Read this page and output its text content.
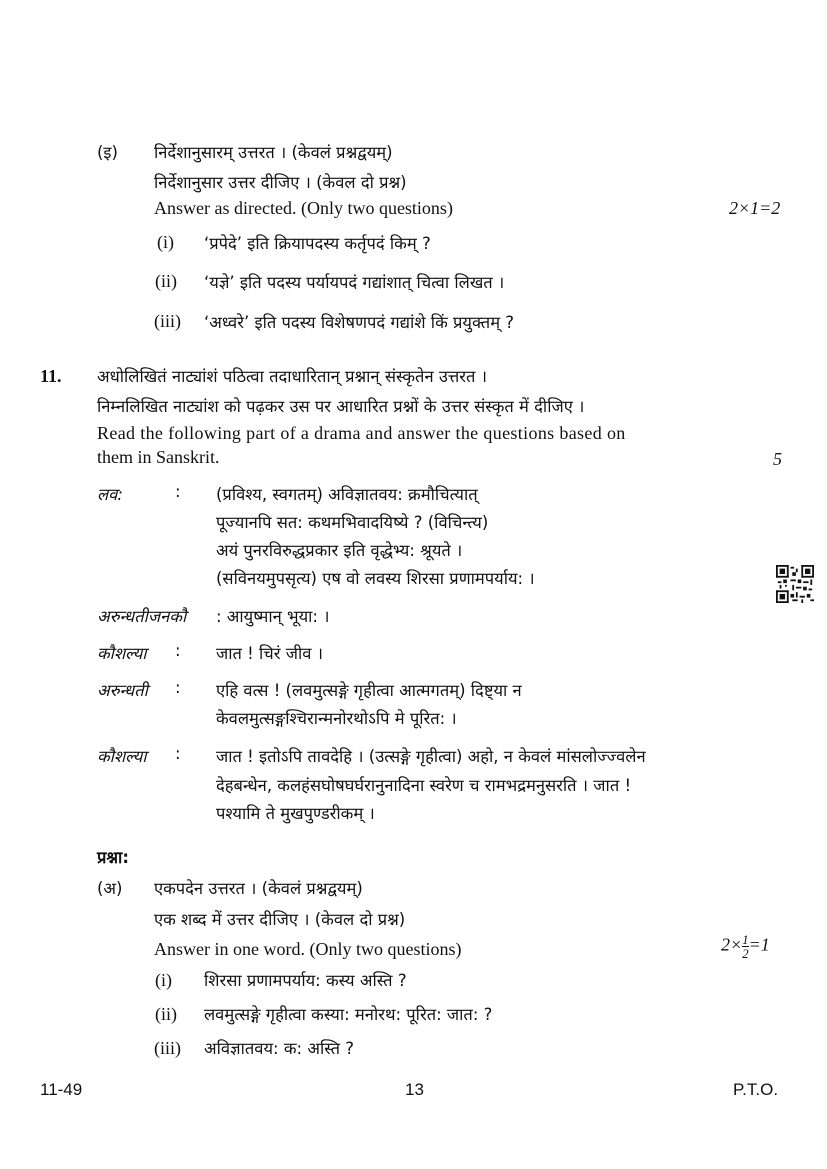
(इ) निर्देशानुसारम् उत्तरत । (केवलं प्रश्नद्वयम्)
निर्देशानुसार उत्तर दीजिए । (केवल दो प्रश्न)
Answer as directed. (Only two questions)	2×1=2
(i) ‘प्रपेदे’ इति क्रियापदस्य कर्तृपदं किम् ?
(ii) ‘यज्ञे’ इति पदस्य पर्यायपदं गद्यांशात् चित्वा लिखत ।
(iii) ‘अध्वरे’ इति पदस्य विशेषणपदं गद्यांशे किं प्रयुक्तम् ?
11. अधोलिखितं नाट्यांशं पठित्वा तदाधारितान् प्रश्नान् संस्कृतेन उत्तरत ।
निम्नलिखित नाट्यांश को पढ़कर उस पर आधारित प्रश्नों के उत्तर संस्कृत में दीजिए ।
Read the following part of a drama and answer the questions based on
them in Sanskrit.	5
लव:	: (प्रविश्य, स्वगतम्) अविज्ञातवय: क्रमौचित्यात्
पूज्यानपि सत: कथमभिवादयिष्ये ? (विचिन्त्य)
अयं पुनरविरुद्धप्रकार इति वृद्धेभ्य: श्रूयते ।
(सविनयमुपसृत्य) एष वो लवस्य शिरसा प्रणामपर्याय: ।
अरुन्धतीजनकौ : आयुष्मान् भूया: ।
कौशल्या : जात ! चिरं जीव ।
अरुन्धती : एहि वत्स ! (लवमुत्सङ्गे गृहीत्वा आत्मगतम्) दिष्ट्या न
केवलमुत्सङ्गश्चिरान्मनोरथोऽपि मे पूरित: ।
कौशल्या : जात ! इतोऽपि तावदेहि । (उत्सङ्गे गृहीत्वा) अहो, न केवलं मांसलोज्ज्वलेन
देहबन्धेन, कलहंसघोषघर्घरानुनादिना स्वरेण च रामभद्रमनुसरति । जात !
पश्यामि ते मुखपुण्डरीकम् ।
प्रश्ना:
(अ) एकपदेन उत्तरत । (केवलं प्रश्नद्वयम्)
एक शब्द में उत्तर दीजिए । (केवल दो प्रश्न)
Answer in one word. (Only two questions)	$2\times \frac{1}{2} =1$
(i) शिरसा प्रणामपर्याय: कस्य अस्ति ?
(ii) लवमुत्सङ्गे गृहीत्वा कस्या: मनोरथ: पूरित: जात: ?
(iii) अविज्ञातवय: क: अस्ति ?
11-49	13	P.T.O.
